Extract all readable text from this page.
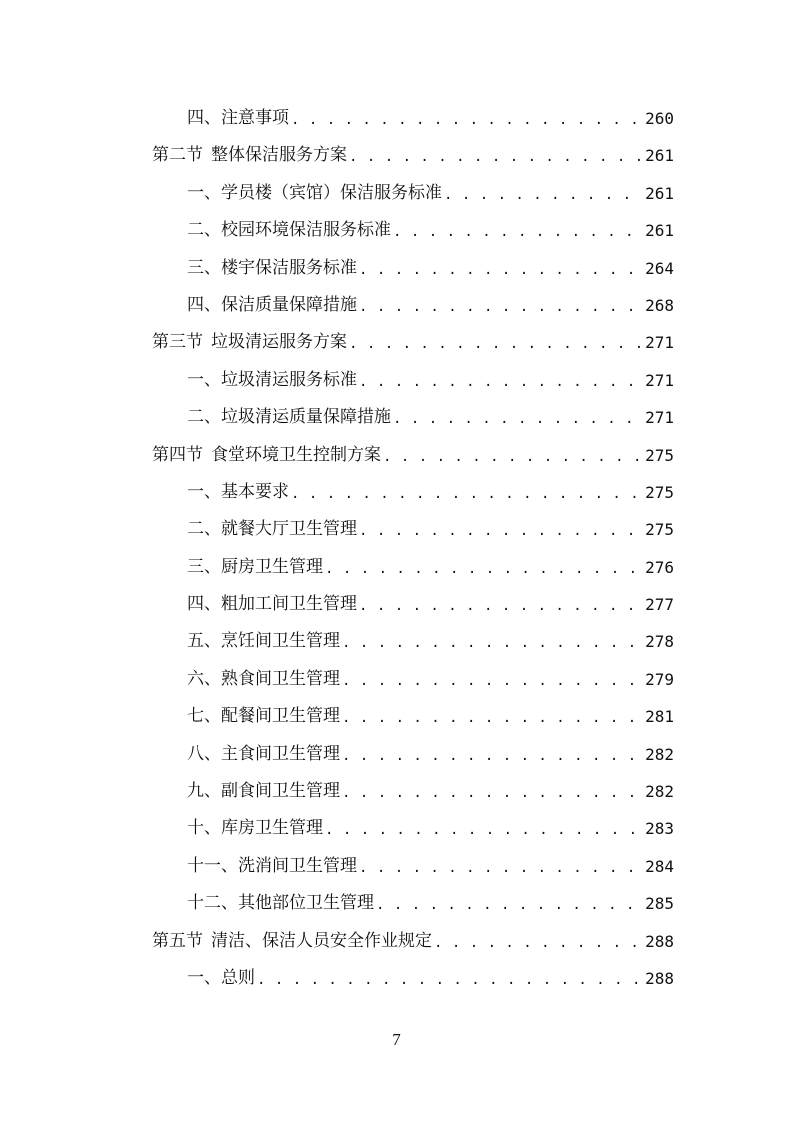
四、注意事项 . . .	260
第二节 整体保洁服务方案 . . .	261
一、学员楼（宾馆）保洁服务标准 . . .	261
二、校园环境保洁服务标准 . . .	261
三、楼宇保洁服务标准 . . .	264
四、保洁质量保障措施 . . .	268
第三节 垃圾清运服务方案 . . .	271
一、垃圾清运服务标准 . . .	271
二、垃圾清运质量保障措施 . . .	271
第四节 食堂环境卫生控制方案 . . .	275
一、基本要求 . . .	275
二、就餐大厅卫生管理 . . .	275
三、厨房卫生管理 . . .	276
四、粗加工间卫生管理 . . .	277
五、烹饪间卫生管理 . . .	278
六、熟食间卫生管理 . . .	279
七、配餐间卫生管理 . . .	281
八、主食间卫生管理 . . .	282
九、副食间卫生管理 . . .	282
十、库房卫生管理 . . .	283
十一、洗消间卫生管理 . . .	284
十二、其他部位卫生管理 . . .	285
第五节 清洁、保洁人员安全作业规定 . . .	288
一、总则 . . .	288
7
